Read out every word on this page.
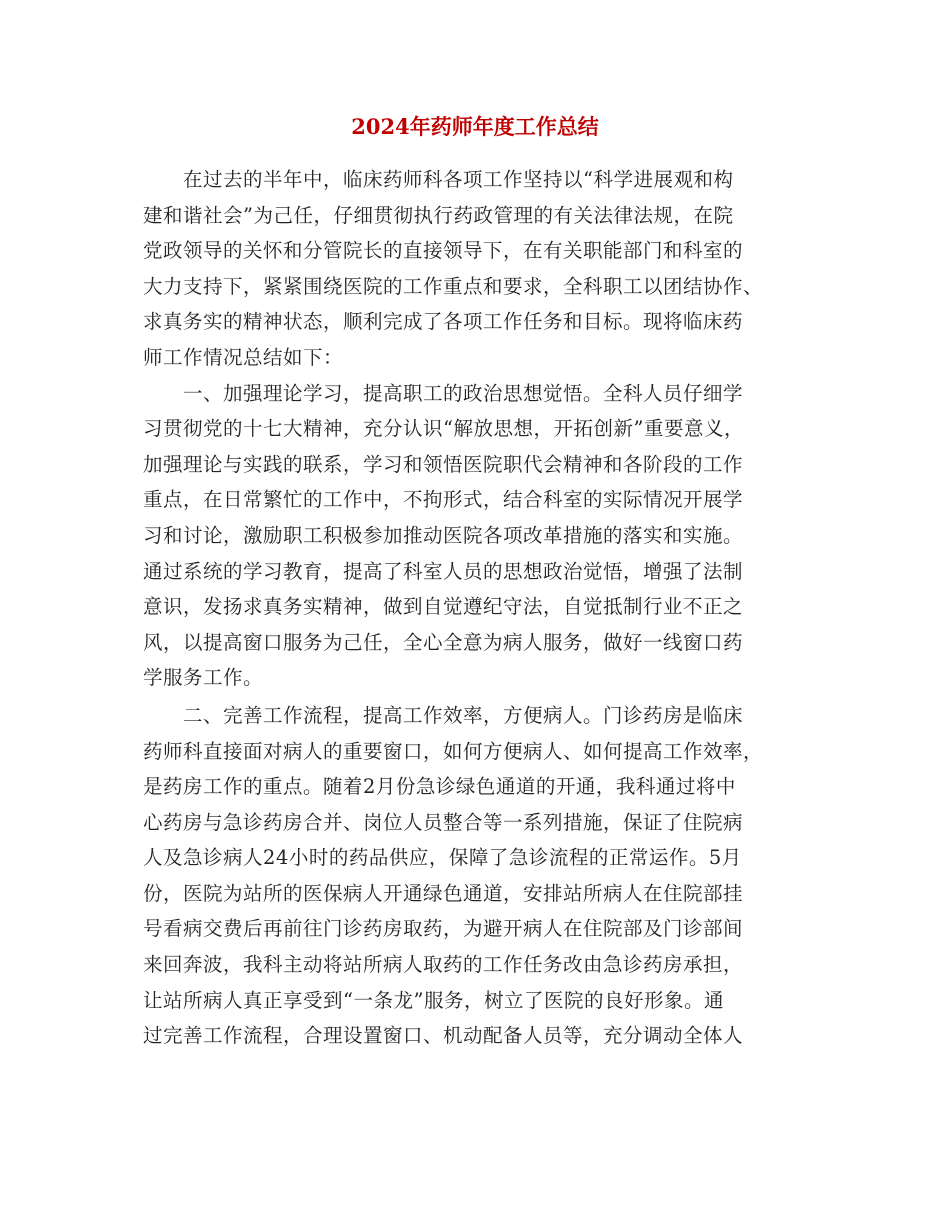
2024年药师年度工作总结
在过去的半年中，临床药师科各项工作坚持以“科学进展观和构
建和谐社会”为己任，仔细贯彻执行药政管理的有关法律法规，在院
党政领导的关怀和分管院长的直接领导下，在有关职能部门和科室的
大力支持下，紧紧围绕医院的工作重点和要求，全科职工以团结协作、
求真务实的精神状态，顺利完成了各项工作任务和目标。现将临床药
师工作情况总结如下：
一、加强理论学习，提高职工的政治思想觉悟。全科人员仔细学
习贯彻党的十七大精神，充分认识“解放思想，开拓创新”重要意义，
加强理论与实践的联系，学习和领悟医院职代会精神和各阶段的工作
重点，在日常繁忙的工作中，不拘形式，结合科室的实际情况开展学
习和讨论，激励职工积极参加推动医院各项改革措施的落实和实施。
通过系统的学习教育，提高了科室人员的思想政治觉悟，增强了法制
意识，发扬求真务实精神，做到自觉遵纪守法，自觉抵制行业不正之
风，以提高窗口服务为己任，全心全意为病人服务，做好一线窗口药
学服务工作。
二、完善工作流程，提高工作效率，方便病人。门诊药房是临床
药师科直接面对病人的重要窗口，如何方便病人、如何提高工作效率，
是药房工作的重点。随着2月份急诊绿色通道的开通，我科通过将中
心药房与急诊药房合并、岗位人员整合等一系列措施，保证了住院病
人及急诊病人24小时的药品供应，保障了急诊流程的正常运作。5月
份，医院为站所的医保病人开通绿色通道，安排站所病人在住院部挂
号看病交费后再前往门诊药房取药，为避开病人在住院部及门诊部间
来回奔波，我科主动将站所病人取药的工作任务改由急诊药房承担，
让站所病人真正享受到“一条龙”服务，树立了医院的良好形象。通
过完善工作流程，合理设置窗口、机动配备人员等，充分调动全体人
